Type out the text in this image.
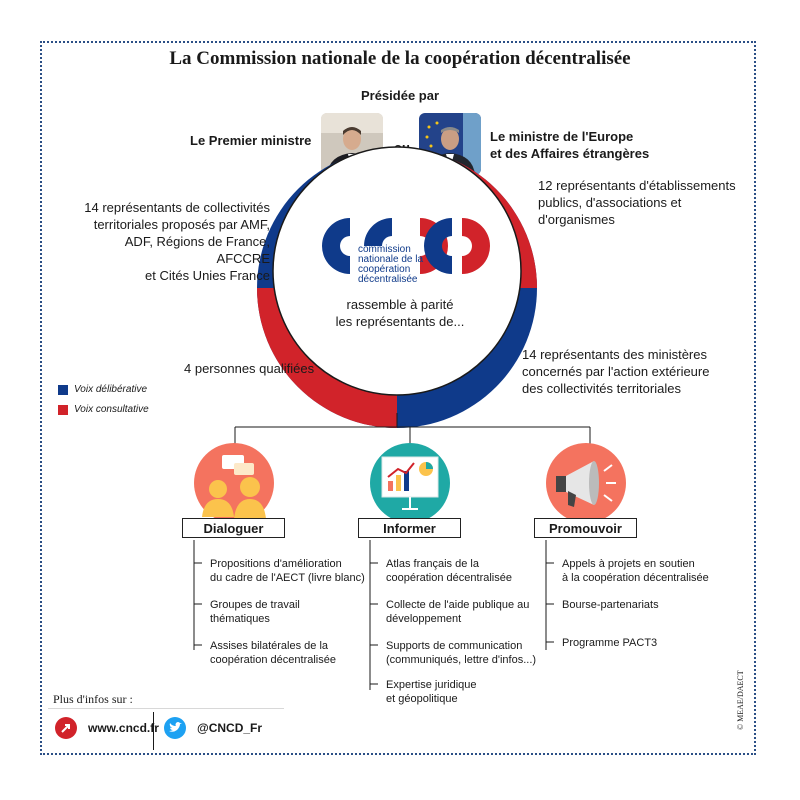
La Commission nationale de la coopération décentralisée
Présidée par
Le Premier ministre	Le ministre de l'Europe
et des Affaires étrangères
commission
nationale de la
coopération
décentralisée
rassemble à parité
les représentants de...
14 représentants de collectivités
territoriales proposés par AMF,
ADF, Régions de France, AFCCRE
et Cités Unies France
12 représentants d'établissements
publics, d'associations et
d'organismes
4 personnes qualifiées
14 représentants des ministères
concernés par l'action extérieure
des collectivités territoriales
Voix délibérative
Voix consultative
Dialoguer	Informer	Promouvoir
Propositions d'amélioration
du cadre de l'AECT (livre blanc)
Groupes de travail
thématiques
Assises bilatérales de la
coopération décentralisée
Atlas français de la
coopération décentralisée
Collecte de l'aide publique au
développement
Supports de communication
(communiqués, lettre d'infos...)
Expertise juridique
et géopolitique
Appels à projets en soutien
à la coopération décentralisée
Bourse-partenariats
Programme PACT3
Plus d'infos sur :
www.cncd.fr	@CNCD_Fr	© MEAE/DAECT
